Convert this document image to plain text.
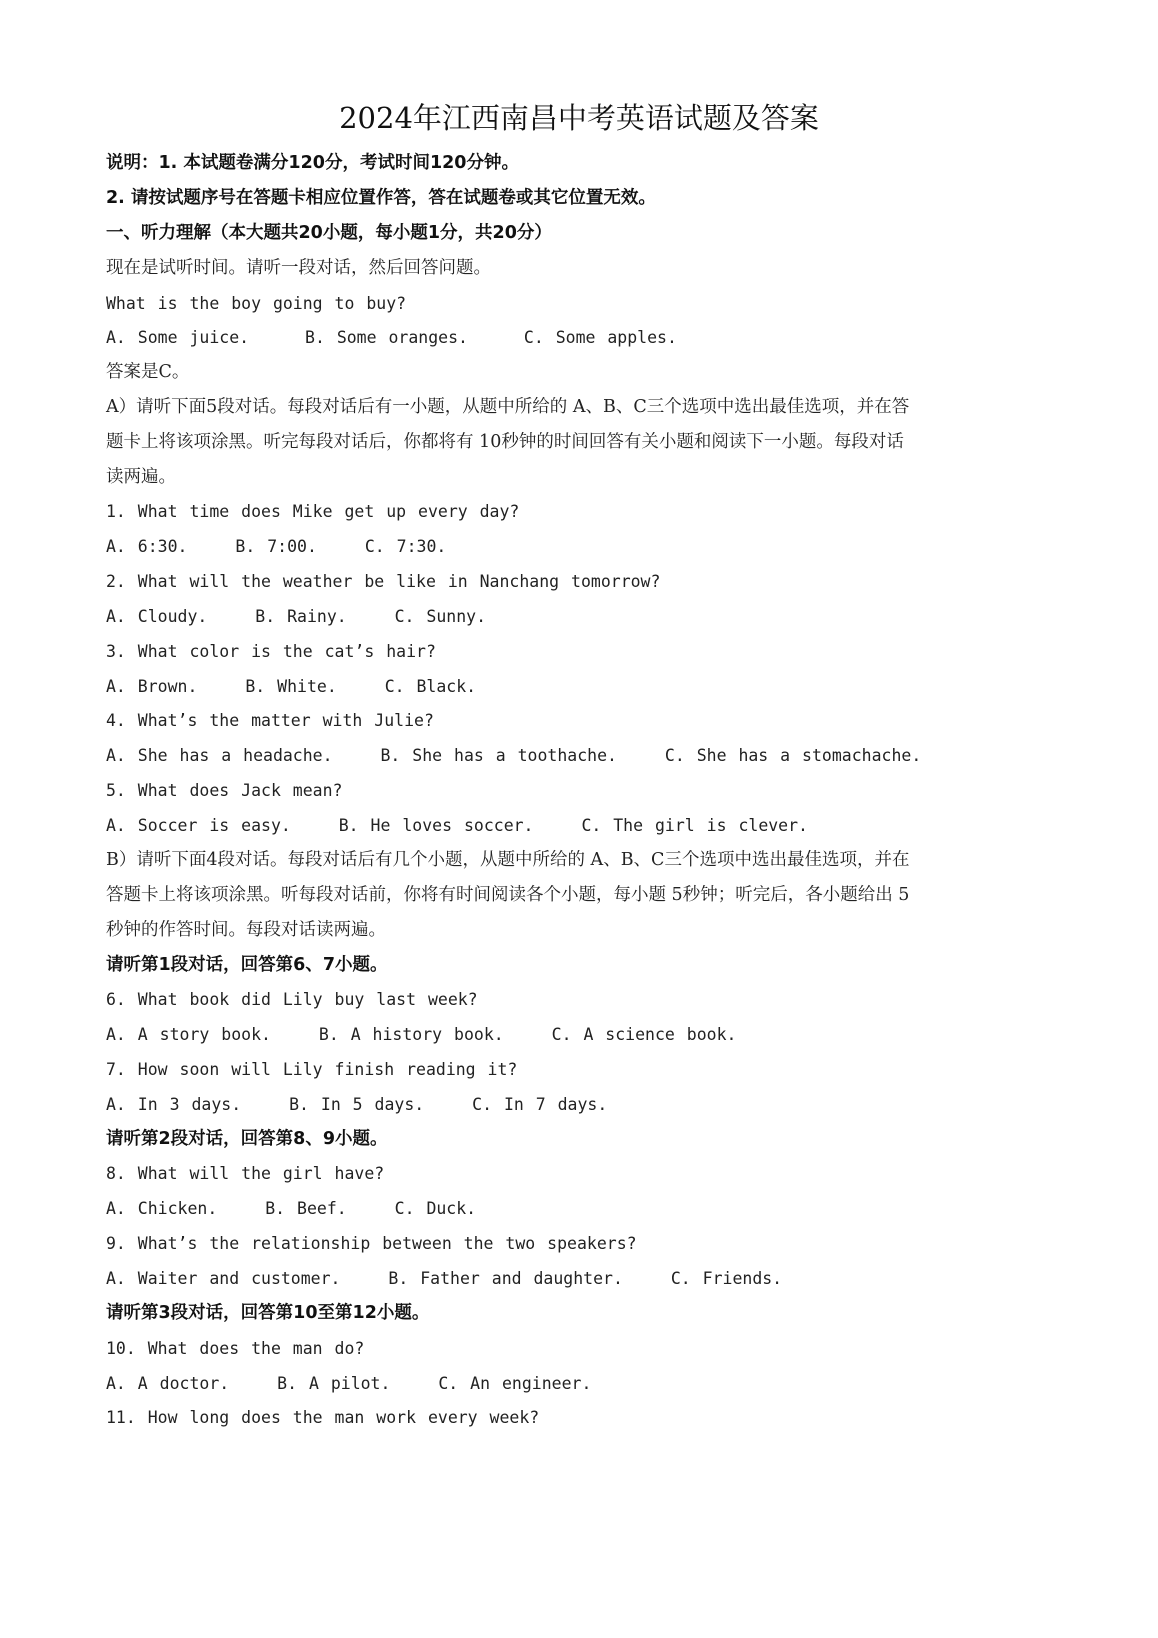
2024年江西南昌中考英语试题及答案
说明：1. 本试题卷满分120分，考试时间120分钟。
2. 请按试题序号在答题卡相应位置作答，答在试题卷或其它位置无效。
一、听力理解（本大题共20小题，每小题1分，共20分）
现在是试听时间。请听一段对话，然后回答问题。
What is the boy going to buy?
A. Some juice.	B. Some oranges.	C. Some apples.
答案是C。
A）请听下面5段对话。每段对话后有一小题，从题中所给的 A、B、C三个选项中选出最佳选项，并在答
题卡上将该项涂黑。听完每段对话后，你都将有 10秒钟的时间回答有关小题和阅读下一小题。每段对话
读两遍。
1. What time does Mike get up every day?
A. 6:30.	B. 7:00.	C. 7:30.
2. What will the weather be like in Nanchang tomorrow?
A. Cloudy.	B. Rainy.	C. Sunny.
3. What color is the cat’s hair?
A. Brown.	B. White.	C. Black.
4. What’s the matter with Julie?
A. She has a headache.	B. She has a toothache.	C. She has a stomachache.
5. What does Jack mean?
A. Soccer is easy.	B. He loves soccer.	C. The girl is clever.
B）请听下面4段对话。每段对话后有几个小题，从题中所给的 A、B、C三个选项中选出最佳选项，并在
答题卡上将该项涂黑。听每段对话前，你将有时间阅读各个小题，每小题 5秒钟；听完后，各小题给出 5
秒钟的作答时间。每段对话读两遍。
请听第1段对话，回答第6、7小题。
6. What book did Lily buy last week?
A. A story book.	B. A history book.	C. A science book.
7. How soon will Lily finish reading it?
A. In 3 days.	B. In 5 days.	C. In 7 days.
请听第2段对话，回答第8、9小题。
8. What will the girl have?
A. Chicken.	B. Beef.	C. Duck.
9. What’s the relationship between the two speakers?
A. Waiter and customer.	B. Father and daughter.	C. Friends.
请听第3段对话，回答第10至第12小题。
10. What does the man do?
A. A doctor.	B. A pilot.	C. An engineer.
11. How long does the man work every week?
